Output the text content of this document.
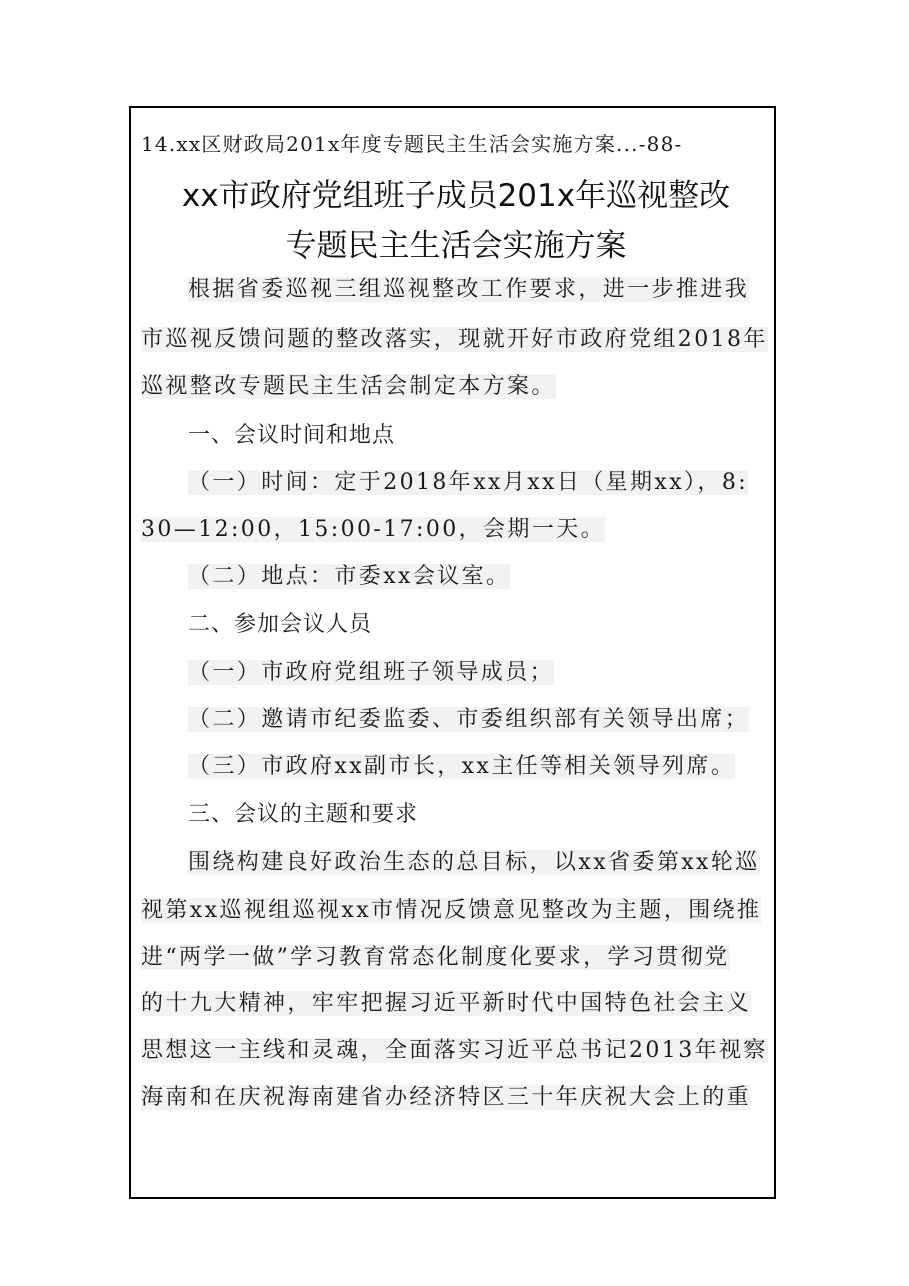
14.xx区财政局201x年度专题民主生活会实施方案...-88-
xx市政府党组班子成员201x年巡视整改
专题民主生活会实施方案
根据省委巡视三组巡视整改工作要求，进一步推进我
市巡视反馈问题的整改落实，现就开好市政府党组2018年
巡视整改专题民主生活会制定本方案。
一、会议时间和地点
（一）时间：定于2018年xx月xx日（星期xx），8:
30—12:00，15:00-17:00，会期一天。
（二）地点：市委xx会议室。
二、参加会议人员
（一）市政府党组班子领导成员；
（二）邀请市纪委监委、市委组织部有关领导出席；
（三）市政府xx副市长，xx主任等相关领导列席。
三、会议的主题和要求
围绕构建良好政治生态的总目标，以xx省委第xx轮巡
视第xx巡视组巡视xx市情况反馈意见整改为主题，围绕推
进“两学一做”学习教育常态化制度化要求，学习贯彻党
的十九大精神，牢牢把握习近平新时代中国特色社会主义
思想这一主线和灵魂，全面落实习近平总书记2013年视察
海南和在庆祝海南建省办经济特区三十年庆祝大会上的重
